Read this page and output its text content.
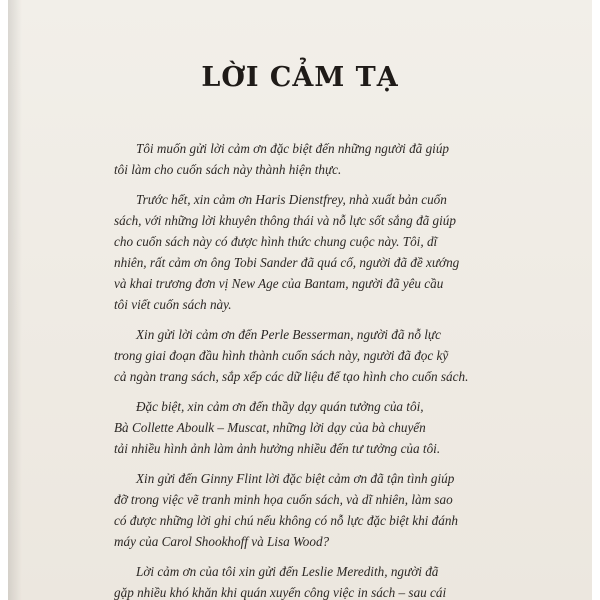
LỜI CẢM TẠ

Tôi muốn gửi lời cảm ơn đặc biệt đến những người đã giúp
tôi làm cho cuốn sách này thành hiện thực.

Trước hết, xin cảm ơn Haris Dienstfrey, nhà xuất bản cuốn
sách, với những lời khuyên thông thái và nỗ lực sốt sắng đã giúp
cho cuốn sách này có được hình thức chung cuộc này. Tôi, dĩ
nhiên, rất cảm ơn ông Tobi Sander đã quá cố, người đã đề xướng
và khai trương đơn vị New Age của Bantam, người đã yêu cầu
tôi viết cuốn sách này.

Xin gửi lời cảm ơn đến Perle Besserman, người đã nỗ lực
trong giai đoạn đầu hình thành cuốn sách này, người đã đọc kỹ
cả ngàn trang sách, sắp xếp các dữ liệu để tạo hình cho cuốn sách.

Đặc biệt, xin cảm ơn đến thầy dạy quán tưởng của tôi,
Bà Collette Aboulk – Muscat, những lời dạy của bà chuyển
tải nhiều hình ảnh làm ảnh hưởng nhiều đến tư tưởng của tôi.

Xin gửi đến Ginny Flint lời đặc biệt cảm ơn đã tận tình giúp
đỡ trong việc vẽ tranh minh họa cuốn sách, và dĩ nhiên, làm sao
có được những lời ghi chú nếu không có nỗ lực đặc biệt khi đánh
máy của Carol Shookhoff và Lisa Wood?

Lời cảm ơn của tôi xin gửi đến Leslie Meredith, người đã
gặp nhiều khó khăn khi quán xuyến công việc in sách – sau cái
